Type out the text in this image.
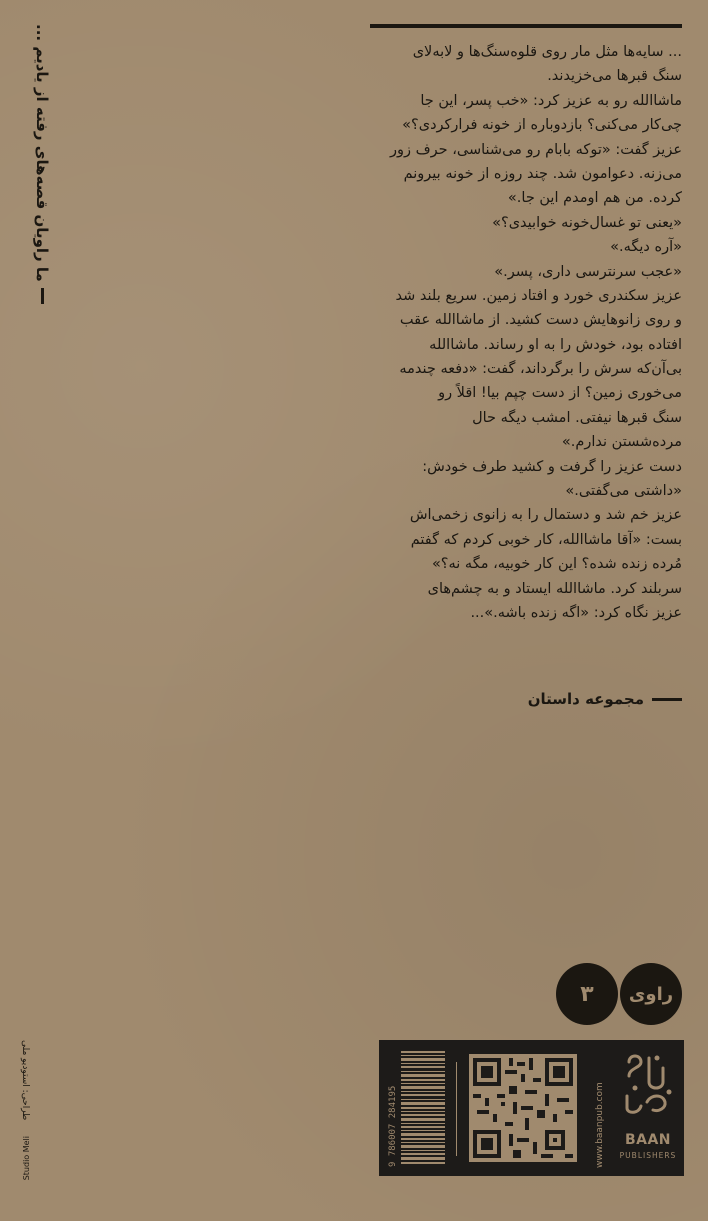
ما راویان قصه‌های رفته از یادیم ...	... سایه‌ها مثل مار روی قلوه‌سنگ‌ها و لابه‌لای
سنگ قبرها می‌خزیدند.
ماشاالله رو به عزیز کرد: «خب پسر، این جا
چی‌کار می‌کنی؟ بازدوباره از خونه فرارکردی؟»
عزیز گفت: «توکه بابام رو می‌شناسی، حرف زور
می‌زنه. دعوامون شد. چند روزه از خونه بیرونم
کرده. من هم اومدم این جا.»
«یعنی تو غسال‌خونه خوابیدی؟»
«آره دیگه.»
«عجب سرنترسی داری، پسر.»
عزیز سکندری خورد و افتاد زمین. سریع بلند شد
و روی زانوهایش دست کشید. از ماشاالله عقب
افتاده بود، خودش را به او رساند. ماشاالله
بی‌آن‌که سرش را برگرداند، گفت: «دفعه چندمه
می‌خوری زمین؟ از دست چپم بیا! اقلاً رو
سنگ قبرها نیفتی. امشب دیگه حال
مرده‌شستن ندارم.»
دست عزیز را گرفت و کشید طرف خودش:
«داشتی می‌گفتی.»
عزیز خم شد و دستمال را به زانوی زخمی‌اش
بست: «آقا ماشاالله، کار خوبی کردم که گفتم
مُرده زنده شده؟ این کار خوبیه، مگه نه؟»
سربلند کرد. ماشاالله ایستاد و به چشم‌های
عزیز نگاه کرد: «اگه زنده باشه.»...
مجموعه داستان
راوی
۳
طراحی: استودیو ملی
Studio Meli	9 786007 284195	www.baanpub.com	BAAN
PUBLISHERS
